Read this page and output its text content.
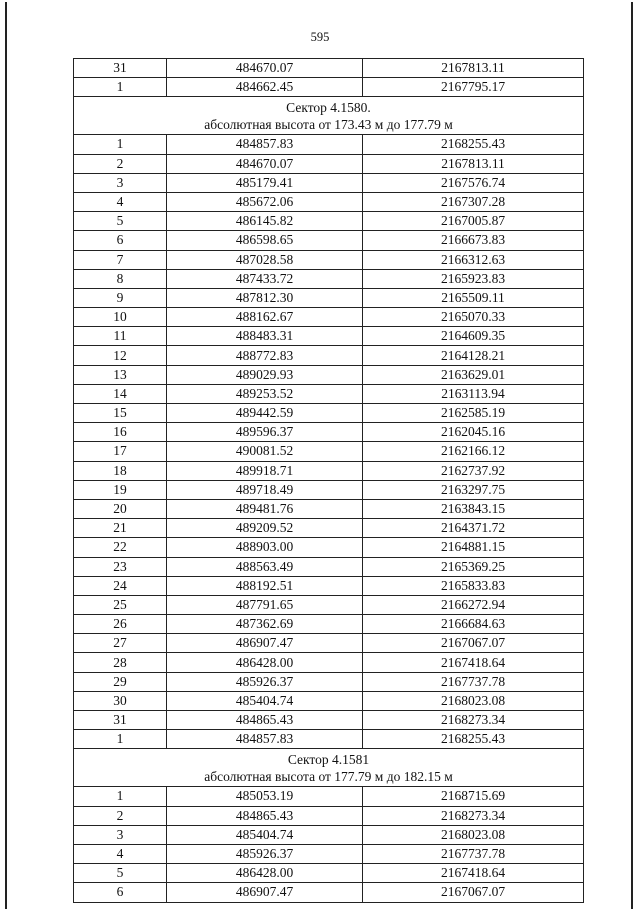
595
31	484670.07	2167813.11
1	484662.45	2167795.17

Сектор 4.1580.
абсолютная высота от 173.43 м до 177.79 м		

1	484857.83	2168255.43
2	484670.07	2167813.11
3	485179.41	2167576.74
4	485672.06	2167307.28
5	486145.82	2167005.87
6	486598.65	2166673.83
7	487028.58	2166312.63
8	487433.72	2165923.83
9	487812.30	2165509.11
10	488162.67	2165070.33
11	488483.31	2164609.35
12	488772.83	2164128.21
13	489029.93	2163629.01
14	489253.52	2163113.94
15	489442.59	2162585.19
16	489596.37	2162045.16
17	490081.52	2162166.12
18	489918.71	2162737.92
19	489718.49	2163297.75
20	489481.76	2163843.15
21	489209.52	2164371.72
22	488903.00	2164881.15
23	488563.49	2165369.25
24	488192.51	2165833.83
25	487791.65	2166272.94
26	487362.69	2166684.63
27	486907.47	2167067.07
28	486428.00	2167418.64
29	485926.37	2167737.78
30	485404.74	2168023.08
31	484865.43	2168273.34
1	484857.83	2168255.43

Сектор 4.1581
абсолютная высота от 177.79 м до 182.15 м		

1	485053.19	2168715.69
2	484865.43	2168273.34
3	485404.74	2168023.08
4	485926.37	2167737.78
5	486428.00	2167418.64
6	486907.47	2167067.07
